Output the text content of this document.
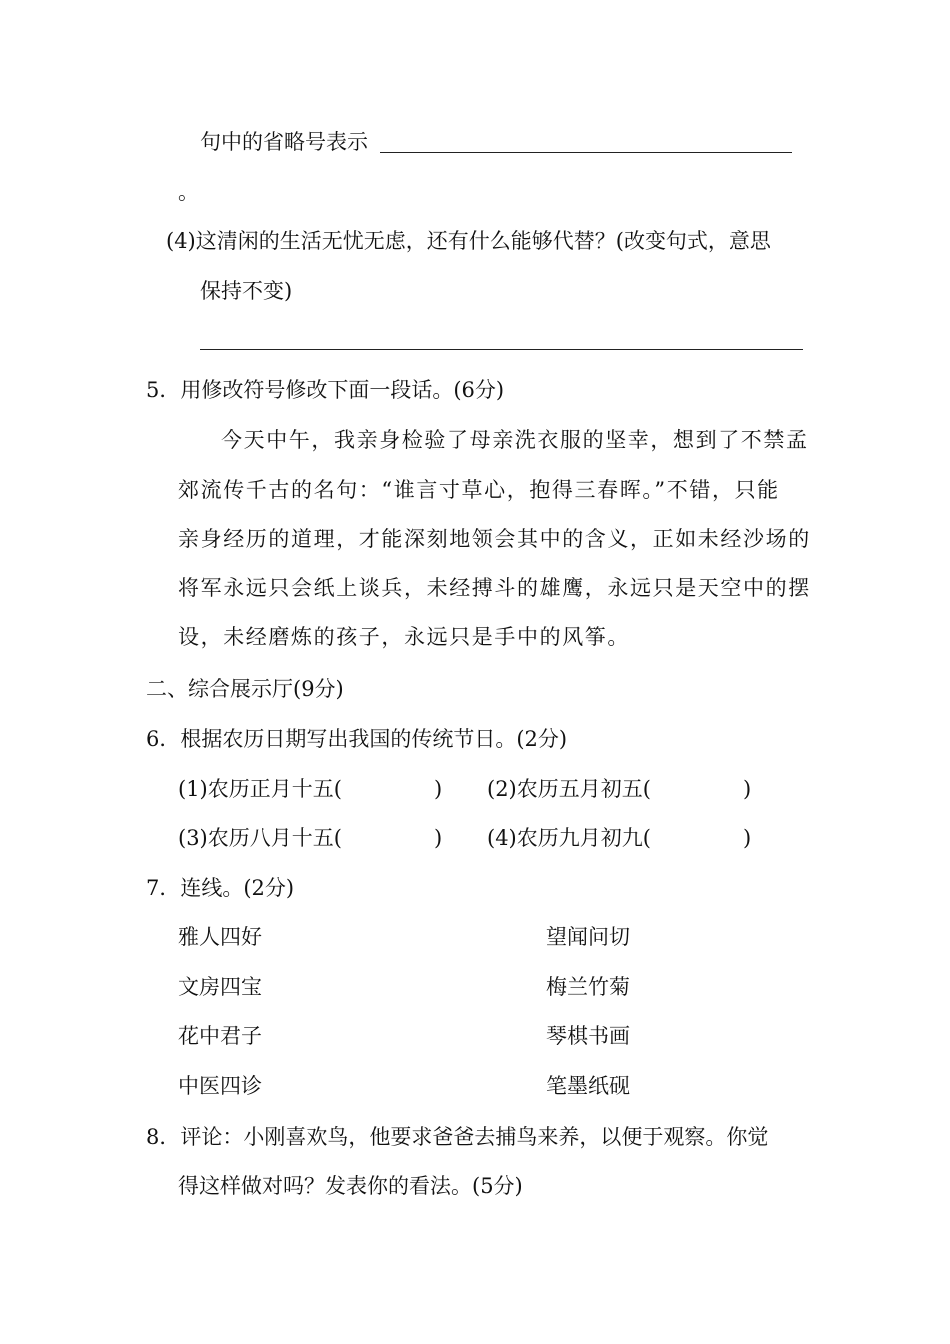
句中的省略号表示
。
(4)这清闲的生活无忧无虑，还有什么能够代替？(改变句式，意思
保持不变)
5．用修改符号修改下面一段话。(6分)
今天中午，我亲身检验了母亲洗衣服的坚幸，想到了不禁孟
郊流传千古的名句：“谁言寸草心，抱得三春晖。”不错，只能
亲身经历的道理，才能深刻地领会其中的含义，正如未经沙场的
将军永远只会纸上谈兵，未经搏斗的雄鹰，永远只是天空中的摆
设，未经磨炼的孩子，永远只是手中的风筝。
二、综合展示厅(9分)
6．根据农历日期写出我国的传统节日。(2分)
(1)农历正月十五(	) (2)农历五月初五(	)
(3)农历八月十五(	) (4)农历九月初九(	)
7．连线。(2分)
雅人四好	望闻问切
文房四宝	梅兰竹菊
花中君子	琴棋书画
中医四诊	笔墨纸砚
8．评论：小刚喜欢鸟，他要求爸爸去捕鸟来养，以便于观察。你觉
得这样做对吗？发表你的看法。(5分)
